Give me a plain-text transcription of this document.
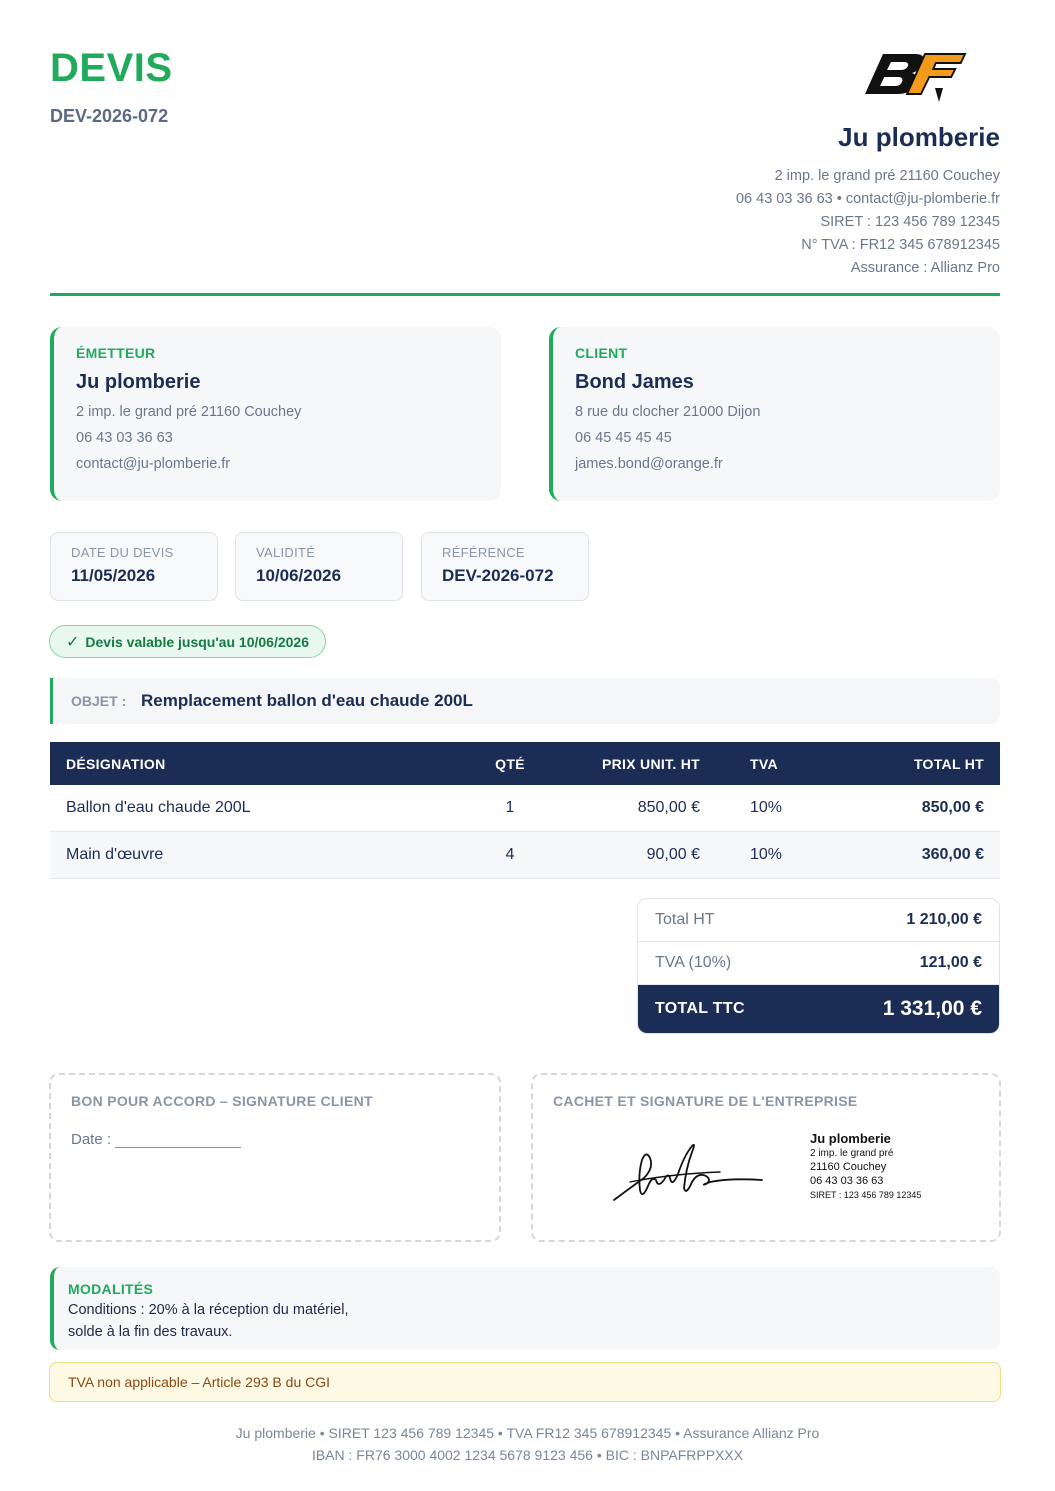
DEVIS
DEV-2026-072
Ju plomberie
2 imp. le grand pré 21160 Couchey
06 43 03 36 63 • contact@ju-plomberie.fr
SIRET : 123 456 789 12345
N° TVA : FR12 345 678912345
Assurance : Allianz Pro
ÉMETTEUR
Ju plomberie
2 imp. le grand pré 21160 Couchey
06 43 03 36 63
contact@ju-plomberie.fr
CLIENT
Bond James
8 rue du clocher 21000 Dijon
06 45 45 45 45
james.bond@orange.fr
DATE DU DEVIS
11/05/2026
VALIDITÉ
10/06/2026
RÉFÉRENCE
DEV-2026-072
✓ Devis valable jusqu'au 10/06/2026
OBJET : Remplacement ballon d'eau chaude 200L
DÉSIGNATION	QTÉ	PRIX UNIT. HT	TVA	TOTAL HT
Ballon d'eau chaude 200L	1	850,00 €	10%	850,00 €
Main d'œuvre	4	90,00 €	10%	360,00 €
Total HT	1 210,00 €
TVA (10%)	121,00 €
TOTAL TTC	1 331,00 €
BON POUR ACCORD – SIGNATURE CLIENT
Date :
CACHET ET SIGNATURE DE L'ENTREPRISE
Ju plomberie
2 imp. le grand pré
21160 Couchey
06 43 03 36 63
SIRET : 123 456 789 12345
MODALITÉS
Conditions : 20% à la réception du matériel,
solde à la fin des travaux.
TVA non applicable – Article 293 B du CGI
Ju plomberie • SIRET 123 456 789 12345 • TVA FR12 345 678912345 • Assurance Allianz Pro
IBAN : FR76 3000 4002 1234 5678 9123 456 • BIC : BNPAFRPPXXX
